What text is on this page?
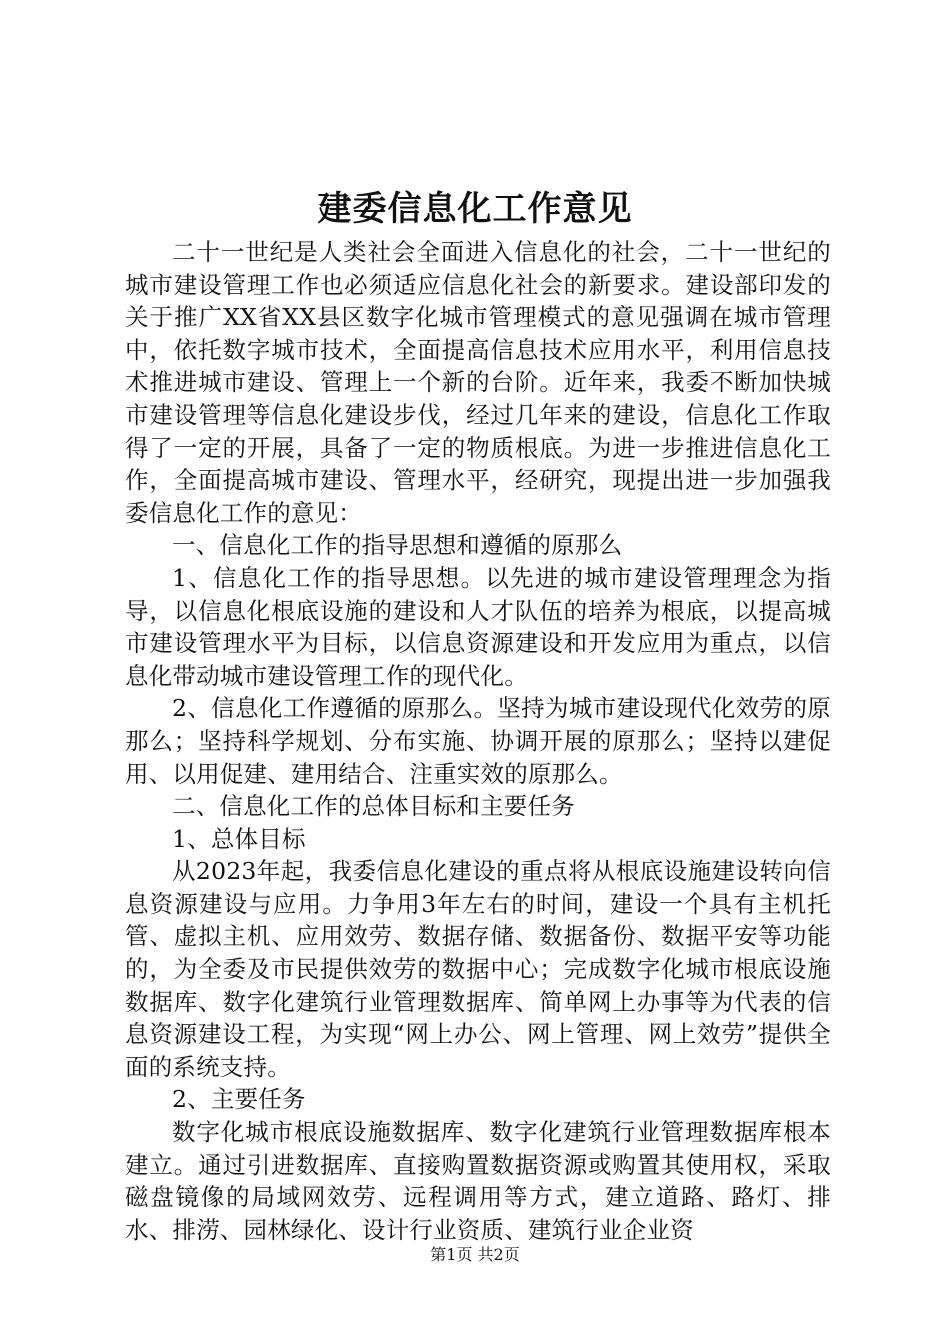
建委信息化工作意见

二十一世纪是人类社会全面进入信息化的社会，二十一世纪的城市建设管理工作也必须适应信息化社会的新要求。建设部印发的关于推广XX省XX县区数字化城市管理模式的意见强调在城市管理中，依托数字城市技术，全面提高信息技术应用水平，利用信息技术推进城市建设、管理上一个新的台阶。近年来，我委不断加快城市建设管理等信息化建设步伐，经过几年来的建设，信息化工作取得了一定的开展，具备了一定的物质根底。为进一步推进信息化工作，全面提高城市建设、管理水平，经研究，现提出进一步加强我委信息化工作的意见：

一、信息化工作的指导思想和遵循的原那么

1、信息化工作的指导思想。以先进的城市建设管理理念为指导，以信息化根底设施的建设和人才队伍的培养为根底，以提高城市建设管理水平为目标，以信息资源建设和开发应用为重点，以信息化带动城市建设管理工作的现代化。

2、信息化工作遵循的原那么。坚持为城市建设现代化效劳的原那么；坚持科学规划、分布实施、协调开展的原那么；坚持以建促用、以用促建、建用结合、注重实效的原那么。

二、信息化工作的总体目标和主要任务

1、总体目标

从2023年起，我委信息化建设的重点将从根底设施建设转向信息资源建设与应用。力争用3年左右的时间，建设一个具有主机托管、虚拟主机、应用效劳、数据存储、数据备份、数据平安等功能的，为全委及市民提供效劳的数据中心；完成数字化城市根底设施数据库、数字化建筑行业管理数据库、简单网上办事等为代表的信息资源建设工程，为实现“网上办公、网上管理、网上效劳”提供全面的系统支持。

2、主要任务

数字化城市根底设施数据库、数字化建筑行业管理数据库根本建立。通过引进数据库、直接购置数据资源或购置其使用权，采取磁盘镜像的局域网效劳、远程调用等方式，建立道路、路灯、排水、排涝、园林绿化、设计行业资质、建筑行业企业资

第1页 共2页
